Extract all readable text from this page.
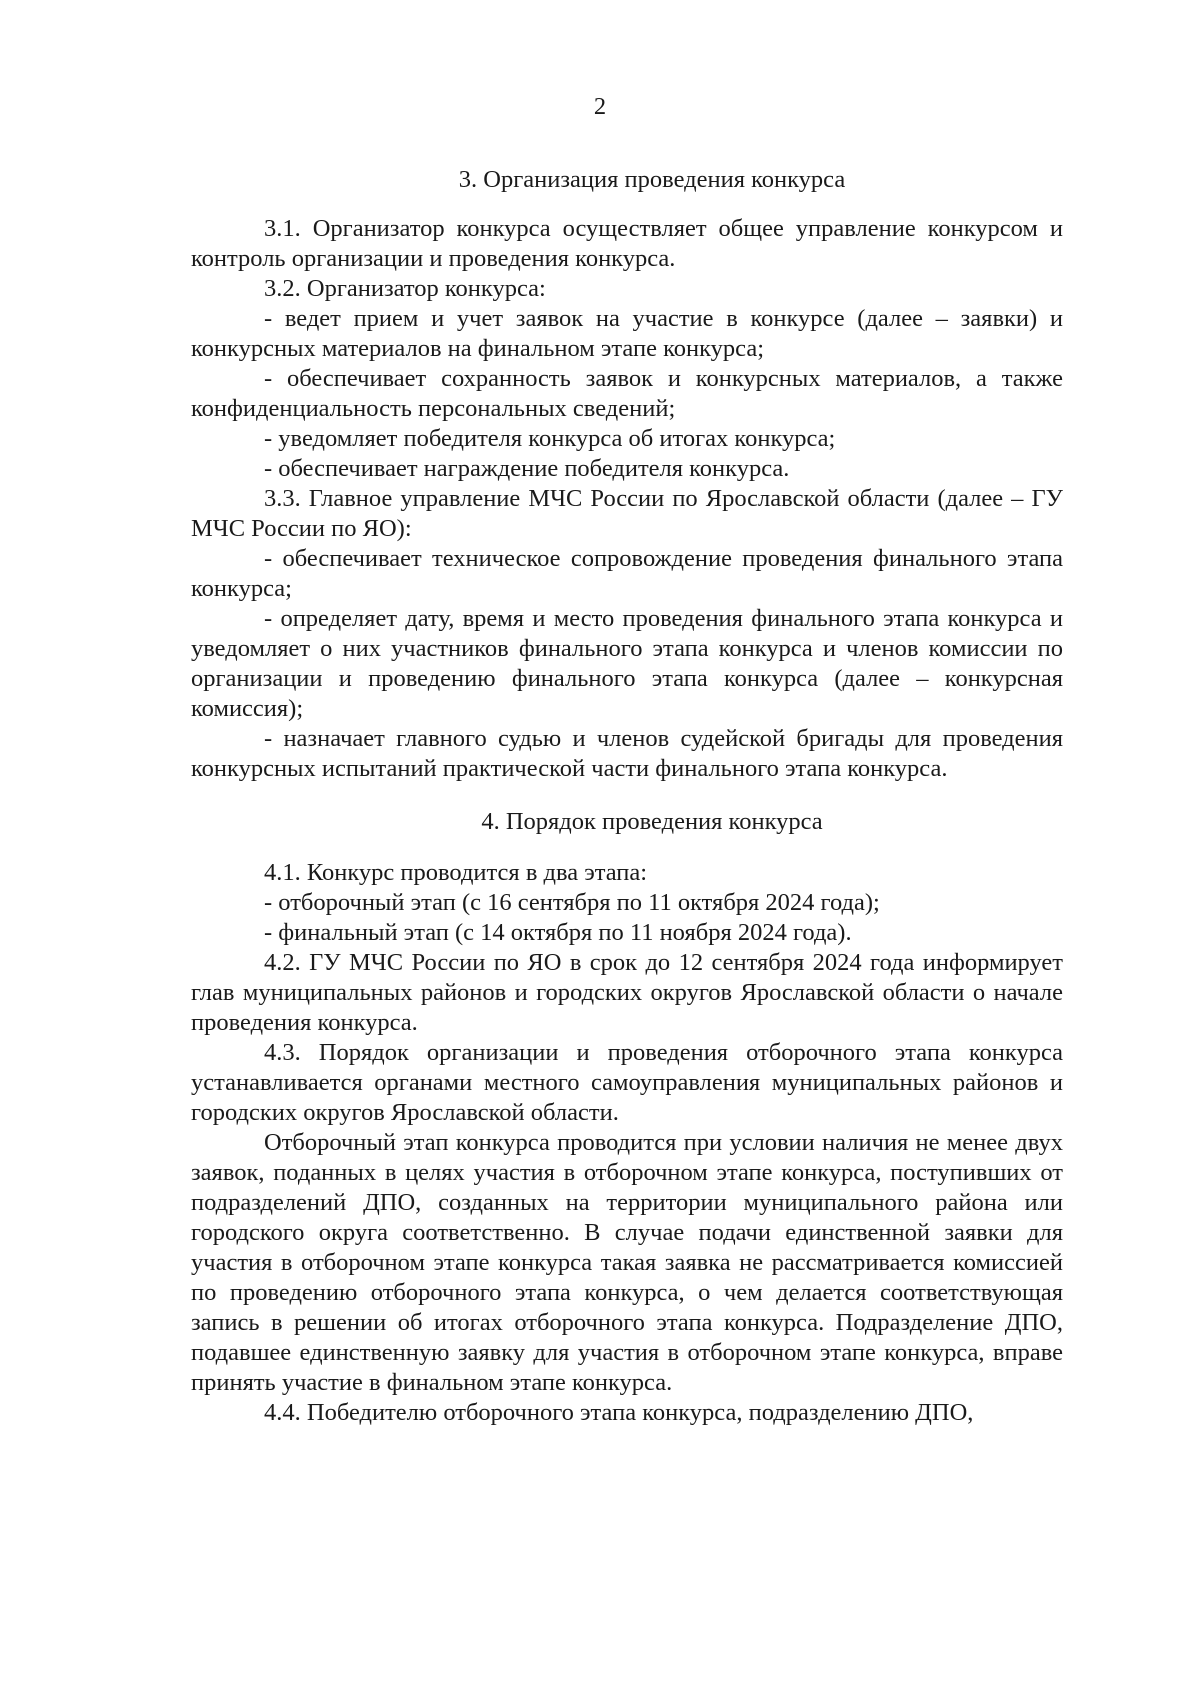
2
3. Организация проведения конкурса

3.1. Организатор конкурса осуществляет общее управление конкурсом и контроль организации и проведения конкурса.

3.2. Организатор конкурса:

- ведет прием и учет заявок на участие в конкурсе (далее – заявки) и конкурсных материалов на финальном этапе конкурса;

- обеспечивает сохранность заявок и конкурсных материалов, а также конфиденциальность персональных сведений;

- уведомляет победителя конкурса об итогах конкурса;

- обеспечивает награждение победителя конкурса.

3.3. Главное управление МЧС России по Ярославской области (далее – ГУ МЧС России по ЯО):

- обеспечивает техническое сопровождение проведения финального этапа конкурса;

- определяет дату, время и место проведения финального этапа конкурса и уведомляет о них участников финального этапа конкурса и членов комиссии по организации и проведению финального этапа конкурса (далее – конкурсная комиссия);

- назначает главного судью и членов судейской бригады для проведения конкурсных испытаний практической части финального этапа конкурса.

4. Порядок проведения конкурса

4.1. Конкурс проводится в два этапа:

- отборочный этап (с 16 сентября по 11 октября 2024 года);

- финальный этап (с 14 октября по 11 ноября 2024 года).

4.2. ГУ МЧС России по ЯО в срок до 12 сентября 2024 года информирует глав муниципальных районов и городских округов Ярославской области о начале проведения конкурса.

4.3. Порядок организации и проведения отборочного этапа конкурса устанавливается органами местного самоуправления муниципальных районов и городских округов Ярославской области.

Отборочный этап конкурса проводится при условии наличия не менее двух заявок, поданных в целях участия в отборочном этапе конкурса, поступивших от подразделений ДПО, созданных на территории муниципального района или городского округа соответственно. В случае подачи единственной заявки для участия в отборочном этапе конкурса такая заявка не рассматривается комиссией по проведению отборочного этапа конкурса, о чем делается соответствующая запись в решении об итогах отборочного этапа конкурса. Подразделение ДПО, подавшее единственную заявку для участия в отборочном этапе конкурса, вправе принять участие в финальном этапе конкурса.

4.4. Победителю отборочного этапа конкурса, подразделению ДПО,
